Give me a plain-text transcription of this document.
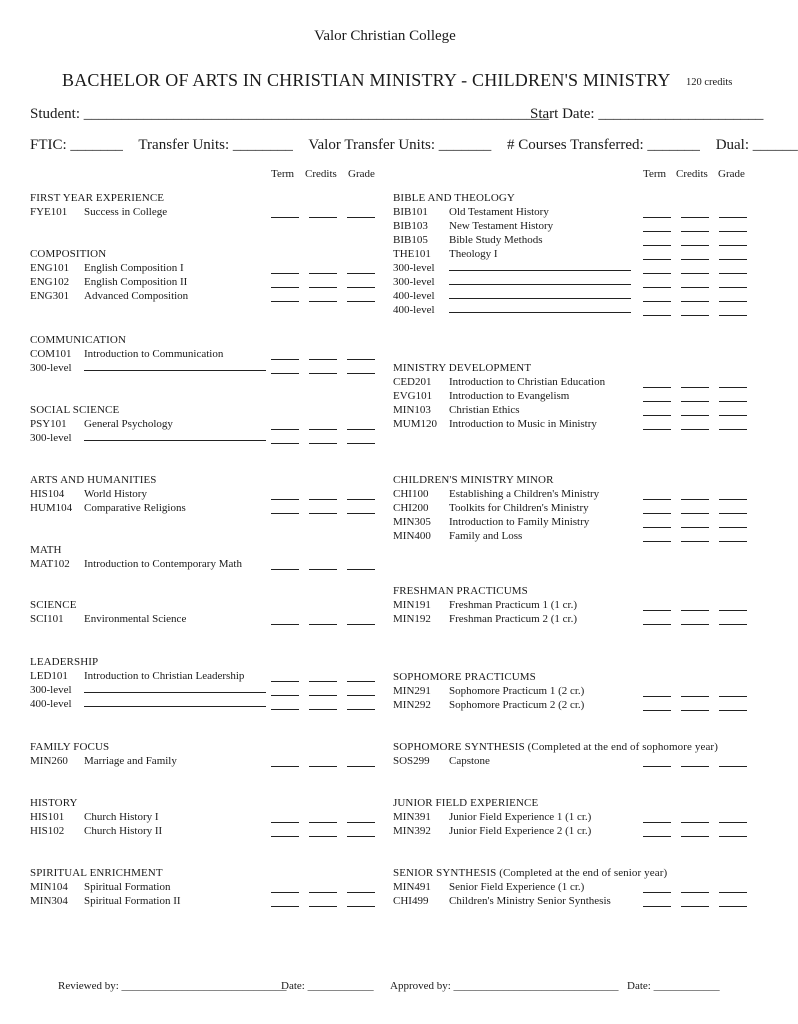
Valor Christian College
BACHELOR OF ARTS IN CHRISTIAN MINISTRY - CHILDREN'S MINISTRY 120 credits
Student: ______________________________________________________________
Start Date: ______________________
FTIC: _______ Transfer Units: ________ Valor Transfer Units: _______ # Courses Transferred: _______ Dual: ______
Term Credits Grade	Term Credits Grade
FIRST YEAR EXPERIENCE
FYE101 Success in College
COMPOSITION
ENG101 English Composition I
ENG102 English Composition II
ENG301 Advanced Composition
COMMUNICATION
COM101 Introduction to Communication
300-level
SOCIAL SCIENCE
PSY101 General Psychology
300-level
ARTS AND HUMANITIES
HIS104 World History
HUM104 Comparative Religions
MATH
MAT102 Introduction to Contemporary Math
SCIENCE
SCI101 Environmental Science
LEADERSHIP
LED101 Introduction to Christian Leadership
300-level
400-level
FAMILY FOCUS
MIN260 Marriage and Family
HISTORY
HIS101 Church History I
HIS102 Church History II
SPIRITUAL ENRICHMENT
MIN104 Spiritual Formation
MIN304 Spiritual Formation II
BIBLE AND THEOLOGY
BIB101 Old Testament History
BIB103 New Testament History
BIB105 Bible Study Methods
THE101 Theology I
300-level
300-level
400-level
400-level
MINISTRY DEVELOPMENT
CED201 Introduction to Christian Education
EVG101 Introduction to Evangelism
MIN103 Christian Ethics
MUM120 Introduction to Music in Ministry
CHILDREN'S MINISTRY MINOR
CHI100 Establishing a Children's Ministry
CHI200 Toolkits for Children's Ministry
MIN305 Introduction to Family Ministry
MIN400 Family and Loss
FRESHMAN PRACTICUMS
MIN191 Freshman Practicum 1 (1 cr.)
MIN192 Freshman Practicum 2 (1 cr.)
SOPHOMORE PRACTICUMS
MIN291 Sophomore Practicum 1 (2 cr.)
MIN292 Sophomore Practicum 2 (2 cr.)
SOPHOMORE SYNTHESIS (Completed at the end of sophomore year)
SOS299 Capstone
JUNIOR FIELD EXPERIENCE
MIN391 Junior Field Experience 1 (1 cr.)
MIN392 Junior Field Experience 2 (1 cr.)
SENIOR SYNTHESIS (Completed at the end of senior year)
MIN491 Senior Field Experience (1 cr.)
CHI499 Children's Ministry Senior Synthesis
Reviewed by: ______________________________
Date: ____________ Approved by: ______________________________ Date: ____________
